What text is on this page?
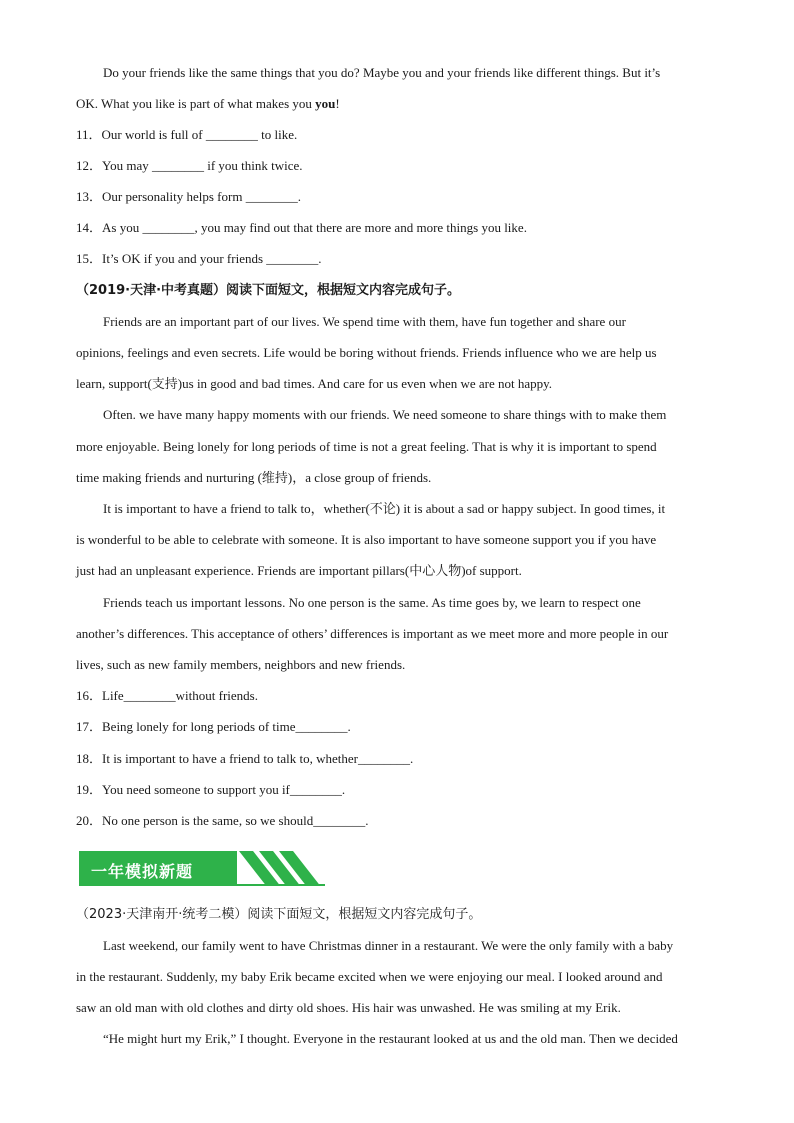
Do your friends like the same things that you do? Maybe you and your friends like different things. But it’s
OK. What you like is part of what makes you you!
11．Our world is full of ________ to like.
12．You may ________ if you think twice.
13．Our personality helps form ________.
14．As you ________, you may find out that there are more and more things you like.
15．It’s OK if you and your friends ________.
（2019·天津·中考真题）阅读下面短文，根据短文内容完成句子。
Friends are an important part of our lives. We spend time with them, have fun together and share our
opinions, feelings and even secrets. Life would be boring without friends. Friends influence who we are help us
learn, support(支持)us in good and bad times. And care for us even when we are not happy.
Often. we have many happy moments with our friends. We need someone to share things with to make them
more enjoyable. Being lonely for long periods of time is not a great feeling. That is why it is important to spend
time making friends and nurturing (维持)，a close group of friends.
It is important to have a friend to talk to，whether(不论) it is about a sad or happy subject. In good times, it
is wonderful to be able to celebrate with someone. It is also important to have someone support you if you have
just had an unpleasant experience. Friends are important pillars(中心人物)of support.
Friends teach us important lessons. No one person is the same. As time goes by, we learn to respect one
another’s differences. This acceptance of others’ differences is important as we meet more and more people in our
lives, such as new family members, neighbors and new friends.
16．Life________without friends.
17．Being lonely for long periods of time________.
18．It is important to have a friend to talk to, whether________.
19．You need someone to support you if________.
20．No one person is the same, so we should________.
一年模拟新题
（2023·天津南开·统考二模）阅读下面短文，根据短文内容完成句子。
Last weekend, our family went to have Christmas dinner in a restaurant. We were the only family with a baby
in the restaurant. Suddenly, my baby Erik became excited when we were enjoying our meal. I looked around and
saw an old man with old clothes and dirty old shoes. His hair was unwashed. He was smiling at my Erik.
“He might hurt my Erik,” I thought. Everyone in the restaurant looked at us and the old man. Then we decided
